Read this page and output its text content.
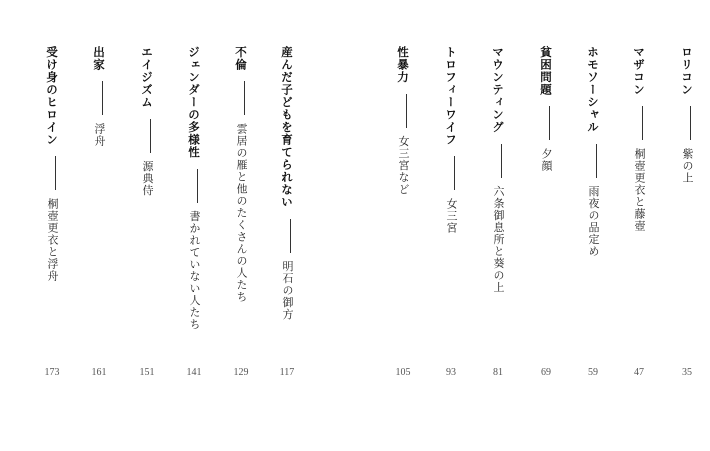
ロリコン紫の上
35
マザコン桐壺更衣と藤壺
47
ホモソーシャル雨夜の品定め
59
貧困問題夕顔
69
マウンティング六条御息所と葵の上
81
トロフィーワイフ女三宮
93
性暴力女三宮など
105
産んだ子どもを育てられない明石の御方
117
不倫雲居の雁と他のたくさんの人たち
129
ジェンダーの多様性書かれていない人たち
141
エイジズム源典侍
151
出家浮舟
161
受け身のヒロイン桐壺更衣と浮舟
173
